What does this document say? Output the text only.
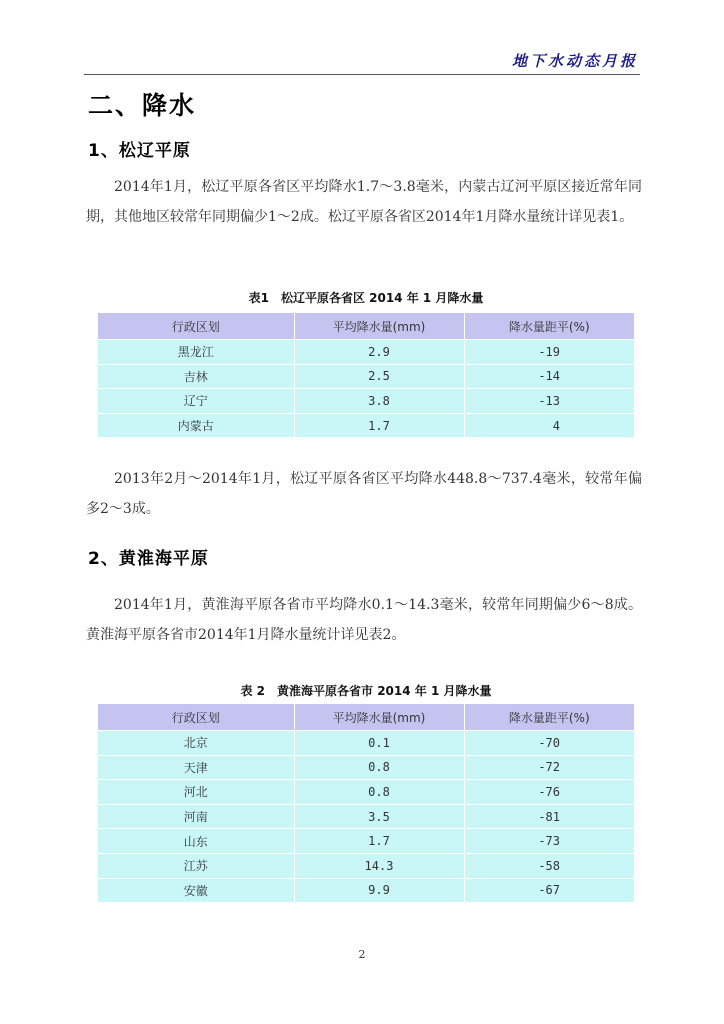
地下水动态月报
二、降水
1、松辽平原
2014年1月，松辽平原各省区平均降水1.7～3.8毫米，内蒙古辽河平原区接近常年同期，其他地区较常年同期偏少1～2成。松辽平原各省区2014年1月降水量统计详见表1。
表1　松辽平原各省区 2014 年 1 月降水量
行政区划	平均降水量(mm)	降水量距平(%)
黑龙江	2.9	-19
吉林	2.5	-14
辽宁	3.8	-13
内蒙古	1.7	4
2013年2月～2014年1月，松辽平原各省区平均降水448.8～737.4毫米，较常年偏多2～3成。
2、黄淮海平原
2014年1月，黄淮海平原各省市平均降水0.1～14.3毫米，较常年同期偏少6～8成。黄淮海平原各省市2014年1月降水量统计详见表2。
表 2　黄淮海平原各省市 2014 年 1 月降水量
行政区划	平均降水量(mm)	降水量距平(%)
北京	0.1	-70
天津	0.8	-72
河北	0.8	-76
河南	3.5	-81
山东	1.7	-73
江苏	14.3	-58
安徽	9.9	-67
2
